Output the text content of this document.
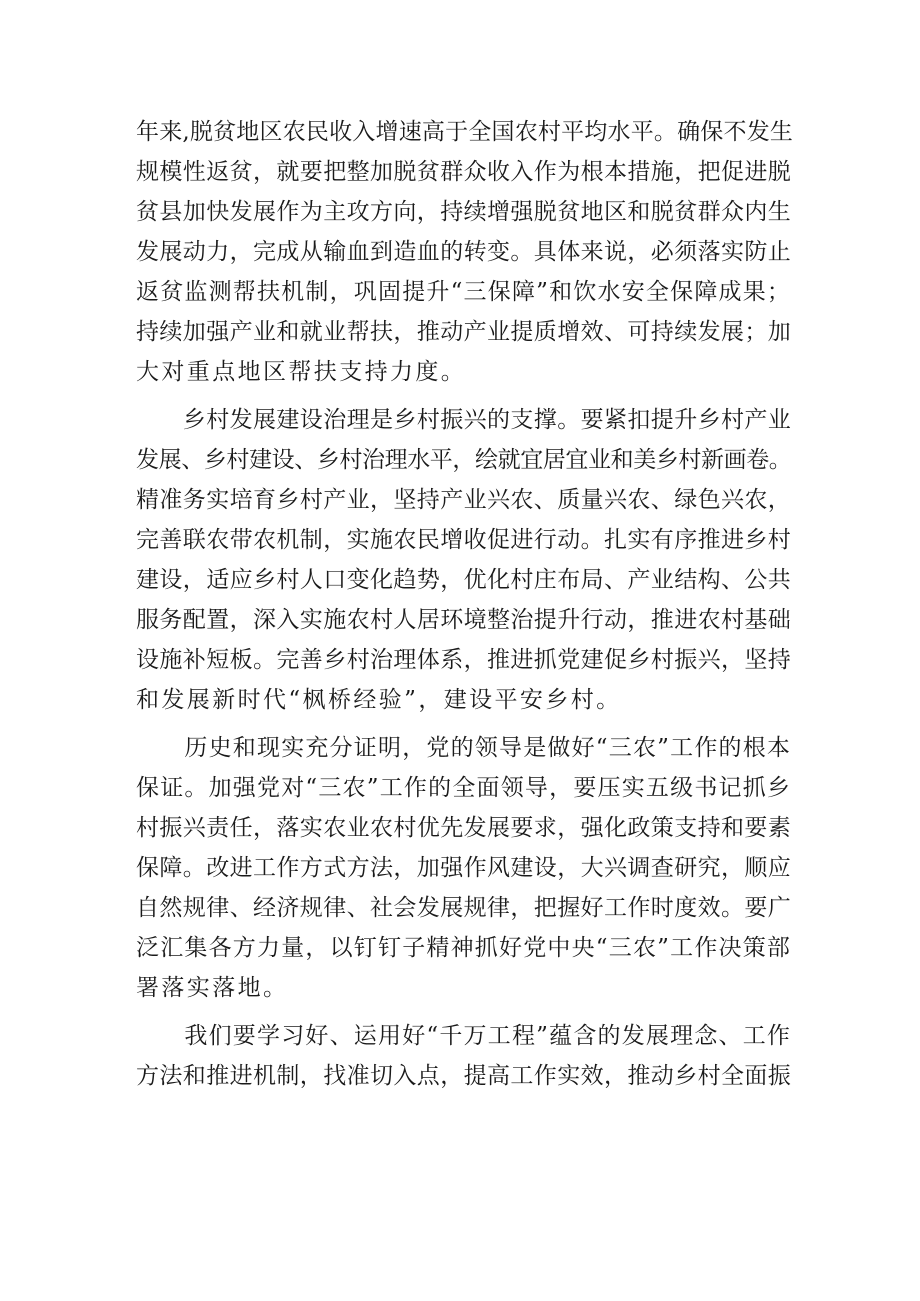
年来,脱贫地区农民收入增速高于全国农村平均水平。确保不发生
规模性返贫，就要把整加脱贫群众收入作为根本措施，把促进脱
贫县加快发展作为主攻方向，持续增强脱贫地区和脱贫群众内生
发展动力，完成从输血到造血的转变。具体来说，必须落实防止
返贫监测帮扶机制，巩固提升“三保障”和饮水安全保障成果；
持续加强产业和就业帮扶，推动产业提质增效、可持续发展；加
大对重点地区帮扶支持力度。

　　乡村发展建设治理是乡村振兴的支撑。要紧扣提升乡村产业
发展、乡村建设、乡村治理水平，绘就宜居宜业和美乡村新画卷。
精准务实培育乡村产业，坚持产业兴农、质量兴农、绿色兴农，
完善联农带农机制，实施农民增收促进行动。扎实有序推进乡村
建设，适应乡村人口变化趋势，优化村庄布局、产业结构、公共
服务配置，深入实施农村人居环境整治提升行动，推进农村基础
设施补短板。完善乡村治理体系，推进抓党建促乡村振兴，坚持
和发展新时代“枫桥经验”，建设平安乡村。

　　历史和现实充分证明，党的领导是做好“三农”工作的根本
保证。加强党对“三农”工作的全面领导，要压实五级书记抓乡
村振兴责任，落实农业农村优先发展要求，强化政策支持和要素
保障。改进工作方式方法，加强作风建设，大兴调查研究，顺应
自然规律、经济规律、社会发展规律，把握好工作时度效。要广
泛汇集各方力量，以钉钉子精神抓好党中央“三农”工作决策部
署落实落地。

　　我们要学习好、运用好“千万工程”蕴含的发展理念、工作
方法和推进机制，找准切入点，提高工作实效，推动乡村全面振
